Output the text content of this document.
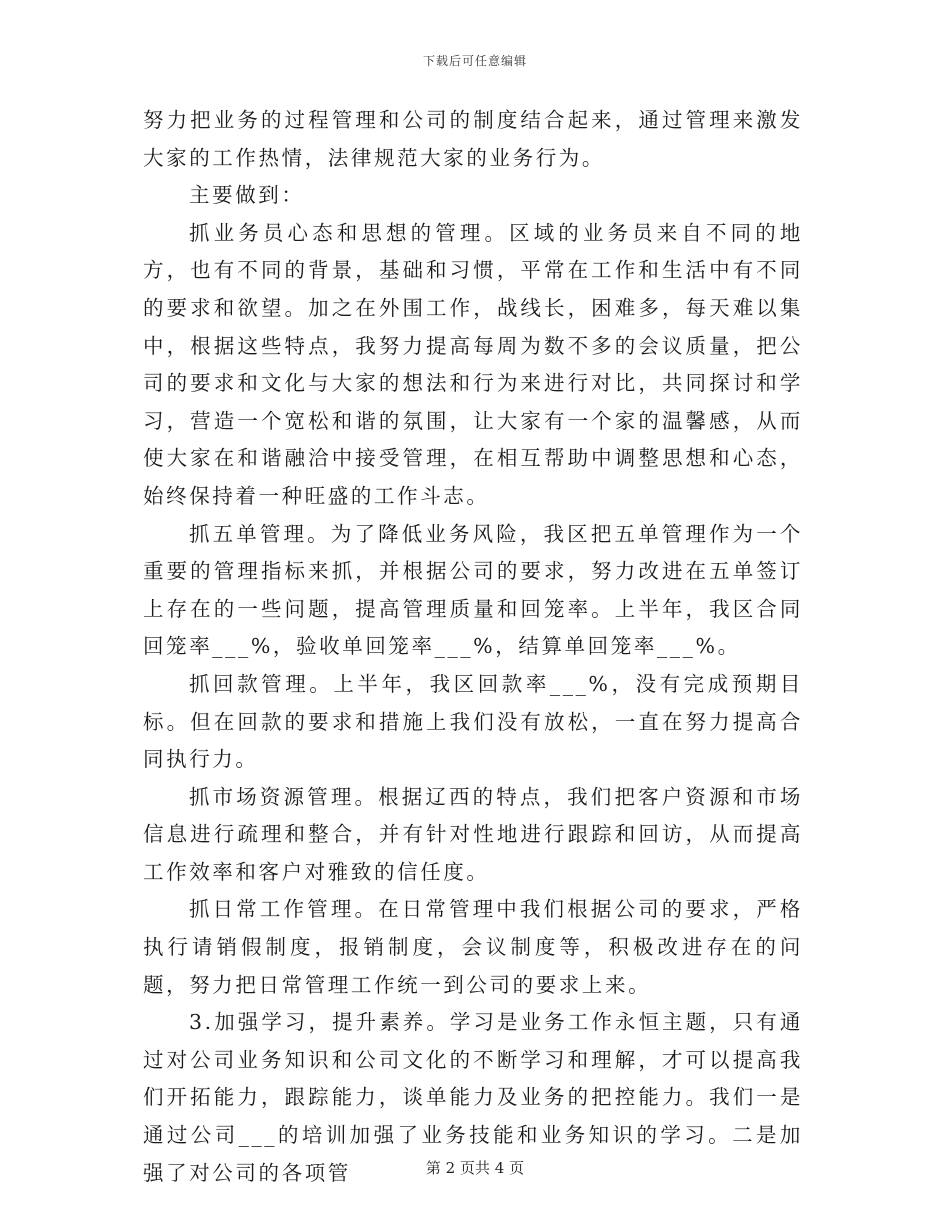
下载后可任意编辑

努力把业务的过程管理和公司的制度结合起来，通过管理来激发大家的工作热情，法律规范大家的业务行为。

主要做到：

抓业务员心态和思想的管理。区域的业务员来自不同的地方，也有不同的背景，基础和习惯，平常在工作和生活中有不同的要求和欲望。加之在外围工作，战线长，困难多，每天难以集中，根据这些特点，我努力提高每周为数不多的会议质量，把公司的要求和文化与大家的想法和行为来进行对比，共同探讨和学习，营造一个宽松和谐的氛围，让大家有一个家的温馨感，从而使大家在和谐融洽中接受管理，在相互帮助中调整思想和心态，始终保持着一种旺盛的工作斗志。

抓五单管理。为了降低业务风险，我区把五单管理作为一个重要的管理指标来抓，并根据公司的要求，努力改进在五单签订上存在的一些问题，提高管理质量和回笼率。上半年，我区合同回笼率___%，验收单回笼率___%，结算单回笼率___%。

抓回款管理。上半年，我区回款率___%，没有完成预期目标。但在回款的要求和措施上我们没有放松，一直在努力提高合同执行力。

抓市场资源管理。根据辽西的特点，我们把客户资源和市场信息进行疏理和整合，并有针对性地进行跟踪和回访，从而提高工作效率和客户对雅致的信任度。

抓日常工作管理。在日常管理中我们根据公司的要求，严格执行请销假制度，报销制度，会议制度等，积极改进存在的问题，努力把日常管理工作统一到公司的要求上来。

3.加强学习，提升素养。学习是业务工作永恒主题，只有通过对公司业务知识和公司文化的不断学习和理解，才可以提高我们开拓能力，跟踪能力，谈单能力及业务的把控能力。我们一是通过公司___的培训加强了业务技能和业务知识的学习。二是加强了对公司的各项管	第 2 页共 4 页
